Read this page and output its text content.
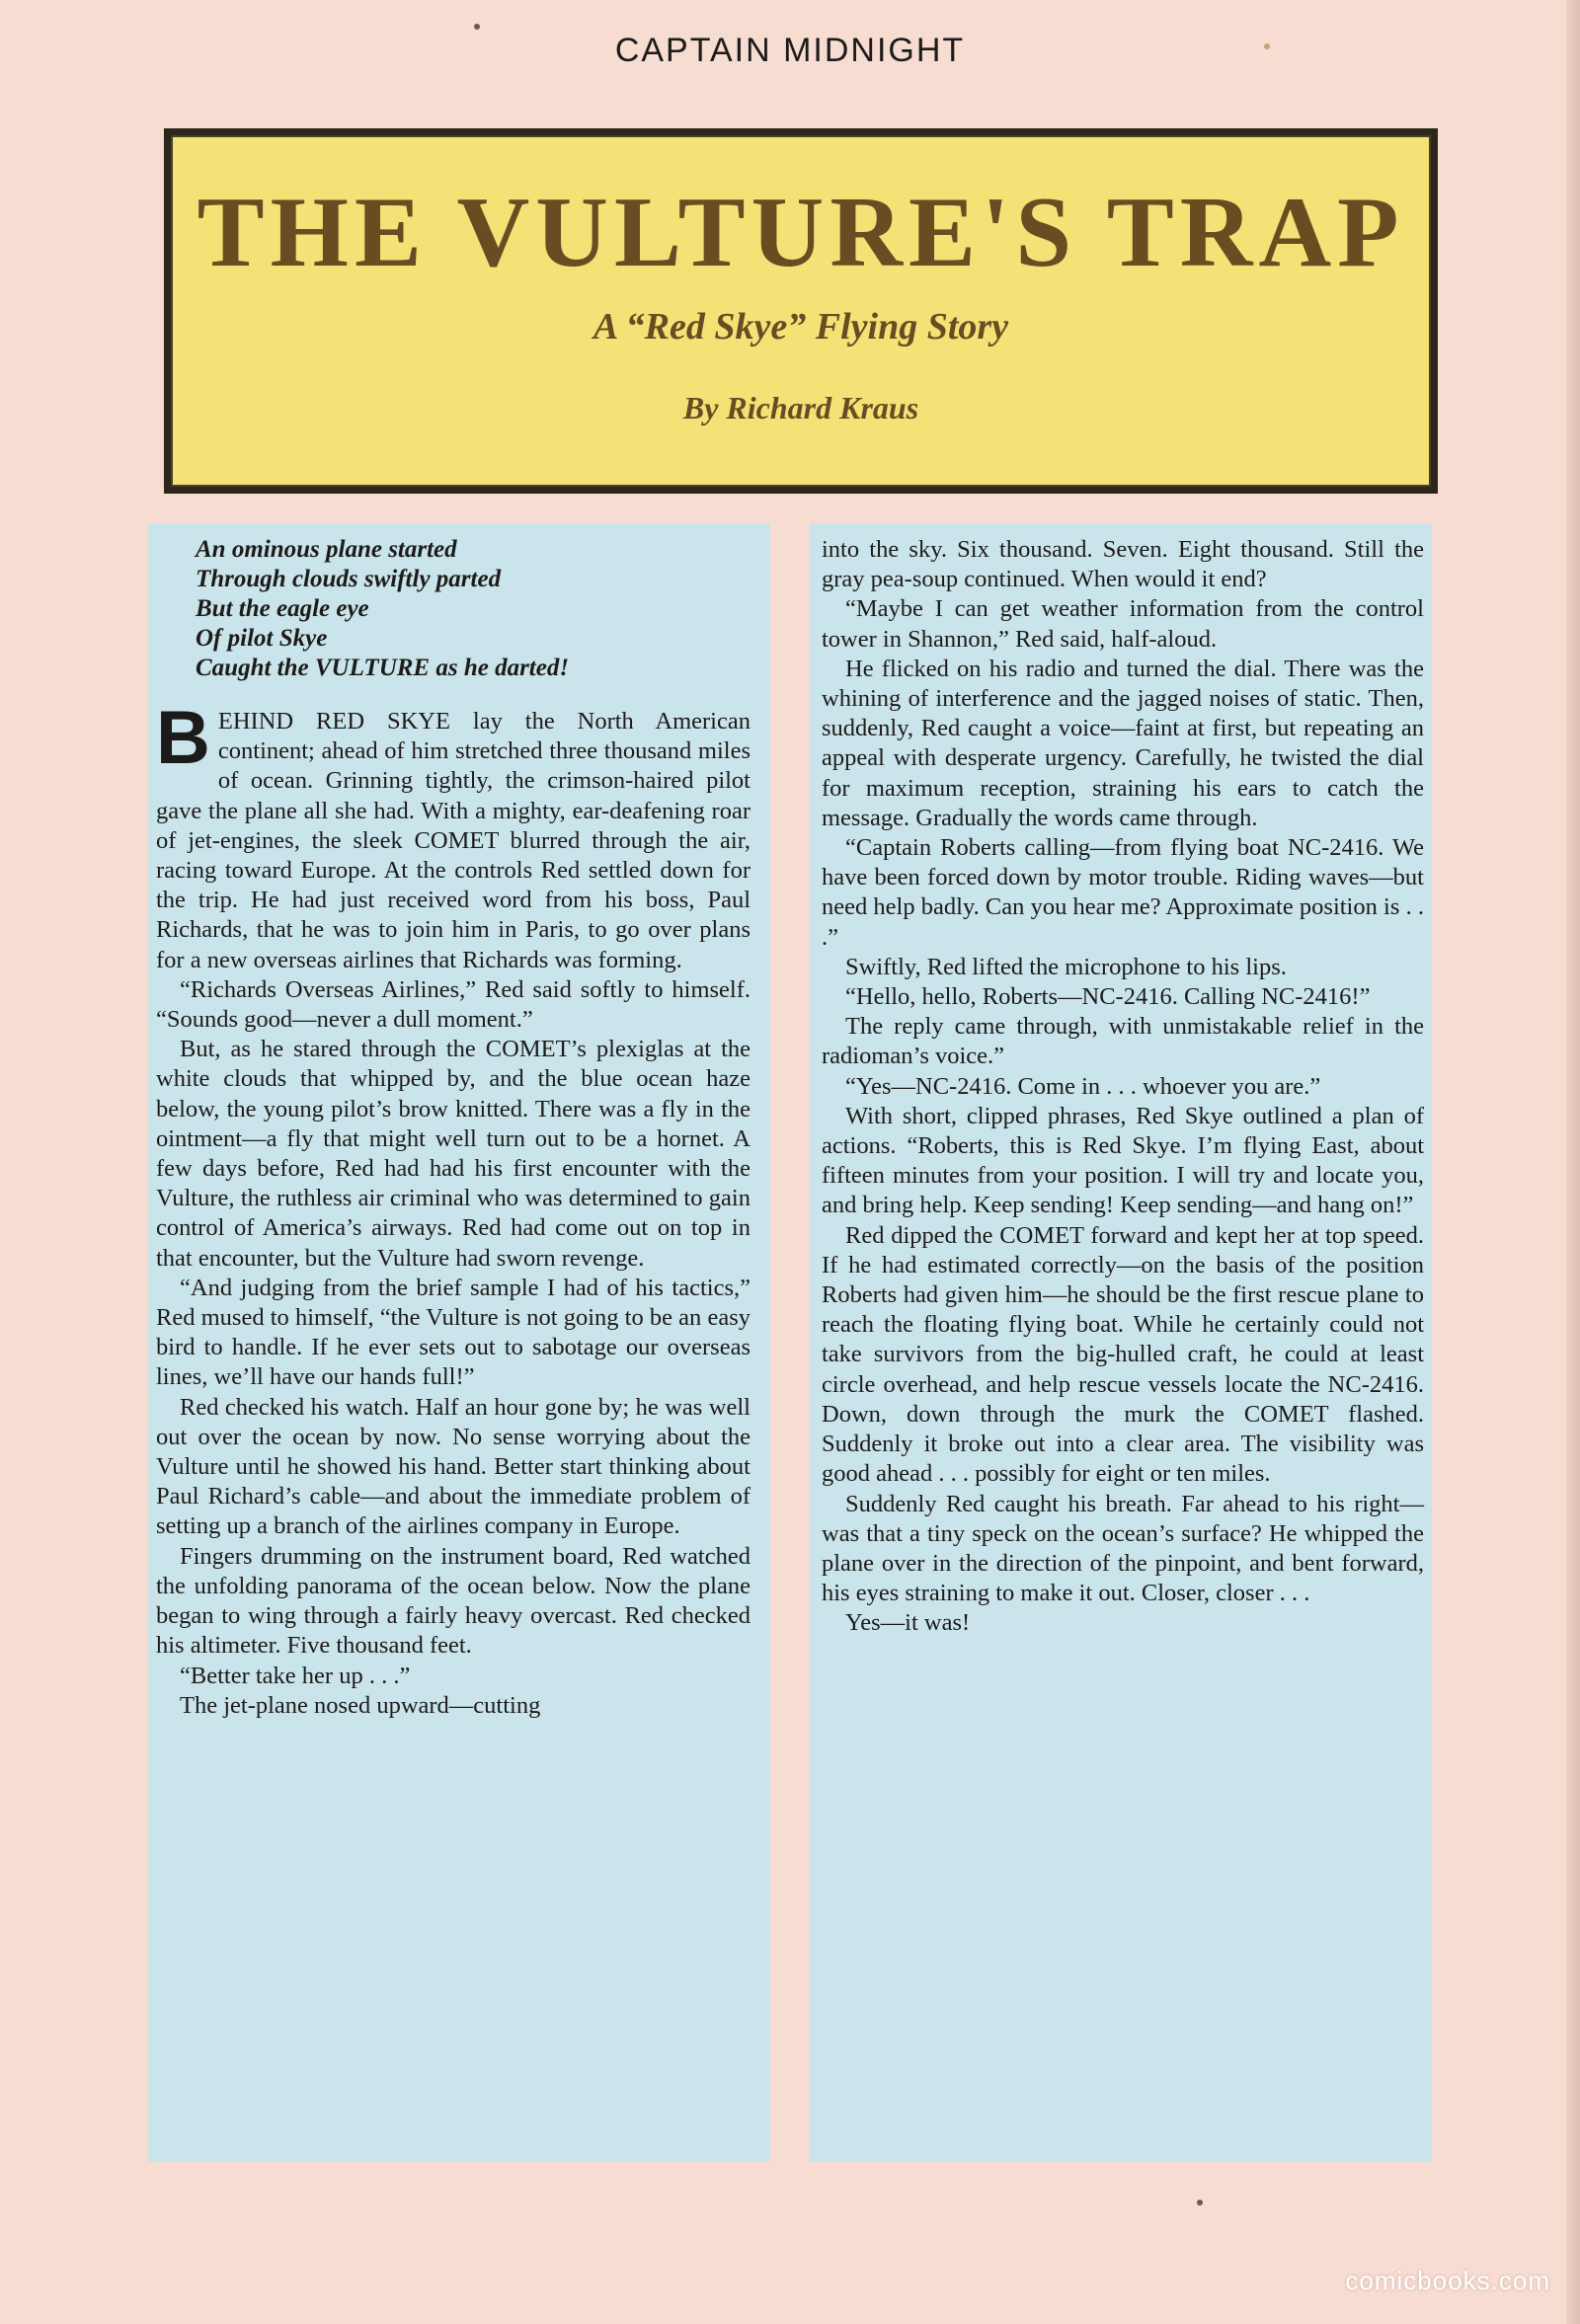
CAPTAIN MIDNIGHT
THE VULTURE'S TRAP
A “Red Skye” Flying Story
By Richard Kraus
An ominous plane started
Through clouds swiftly parted
But the eagle eye
Of pilot Skye
Caught the VULTURE as he darted!

BEHIND RED SKYE lay the North American continent; ahead of him stretched three thousand miles of ocean. Grinning tightly, the crimson-haired pilot gave the plane all she had. With a mighty, ear-deafening roar of jet-engines, the sleek COMET blurred through the air, racing toward Europe. At the controls Red settled down for the trip. He had just received word from his boss, Paul Richards, that he was to join him in Paris, to go over plans for a new overseas airlines that Richards was forming.

“Richards Overseas Airlines,” Red said softly to himself. “Sounds good—never a dull moment.”

But, as he stared through the COMET’s plexiglas at the white clouds that whipped by, and the blue ocean haze below, the young pilot’s brow knitted. There was a fly in the ointment—a fly that might well turn out to be a hornet. A few days before, Red had had his first encounter with the Vulture, the ruthless air criminal who was determined to gain control of America’s airways. Red had come out on top in that encounter, but the Vulture had sworn revenge.

“And judging from the brief sample I had of his tactics,” Red mused to himself, “the Vulture is not going to be an easy bird to handle. If he ever sets out to sabotage our overseas lines, we’ll have our hands full!”

Red checked his watch. Half an hour gone by; he was well out over the ocean by now. No sense worrying about the Vulture until he showed his hand. Better start thinking about Paul Richard’s cable—and about the immediate problem of setting up a branch of the airlines company in Europe.

Fingers drumming on the instrument board, Red watched the unfolding panorama of the ocean below. Now the plane began to wing through a fairly heavy overcast. Red checked his altimeter. Five thousand feet.

“Better take her up . . .”

The jet-plane nosed upward—cutting

into the sky. Six thousand. Seven. Eight thousand. Still the gray pea-soup continued. When would it end?

“Maybe I can get weather information from the control tower in Shannon,” Red said, half-aloud.

He flicked on his radio and turned the dial. There was the whining of interference and the jagged noises of static. Then, suddenly, Red caught a voice—faint at first, but repeating an appeal with desperate urgency. Carefully, he twisted the dial for maximum reception, straining his ears to catch the message. Gradually the words came through.

“Captain Roberts calling—from flying boat NC-2416. We have been forced down by motor trouble. Riding waves—but need help badly. Can you hear me? Approximate position is . . .”

Swiftly, Red lifted the microphone to his lips.

“Hello, hello, Roberts—NC-2416. Calling NC-2416!”

The reply came through, with unmistakable relief in the radioman’s voice.”

“Yes—NC-2416. Come in . . . whoever you are.”

With short, clipped phrases, Red Skye outlined a plan of actions. “Roberts, this is Red Skye. I’m flying East, about fifteen minutes from your position. I will try and locate you, and bring help. Keep sending! Keep sending—and hang on!”

Red dipped the COMET forward and kept her at top speed. If he had estimated correctly—on the basis of the position Roberts had given him—he should be the first rescue plane to reach the floating flying boat. While he certainly could not take survivors from the big-hulled craft, he could at least circle overhead, and help rescue vessels locate the NC-2416. Down, down through the murk the COMET flashed. Suddenly it broke out into a clear area. The visibility was good ahead . . . possibly for eight or ten miles.

Suddenly Red caught his breath. Far ahead to his right—was that a tiny speck on the ocean’s surface? He whipped the plane over in the direction of the pinpoint, and bent forward, his eyes straining to make it out. Closer, closer . . .

Yes—it was!

comicbooks.com
